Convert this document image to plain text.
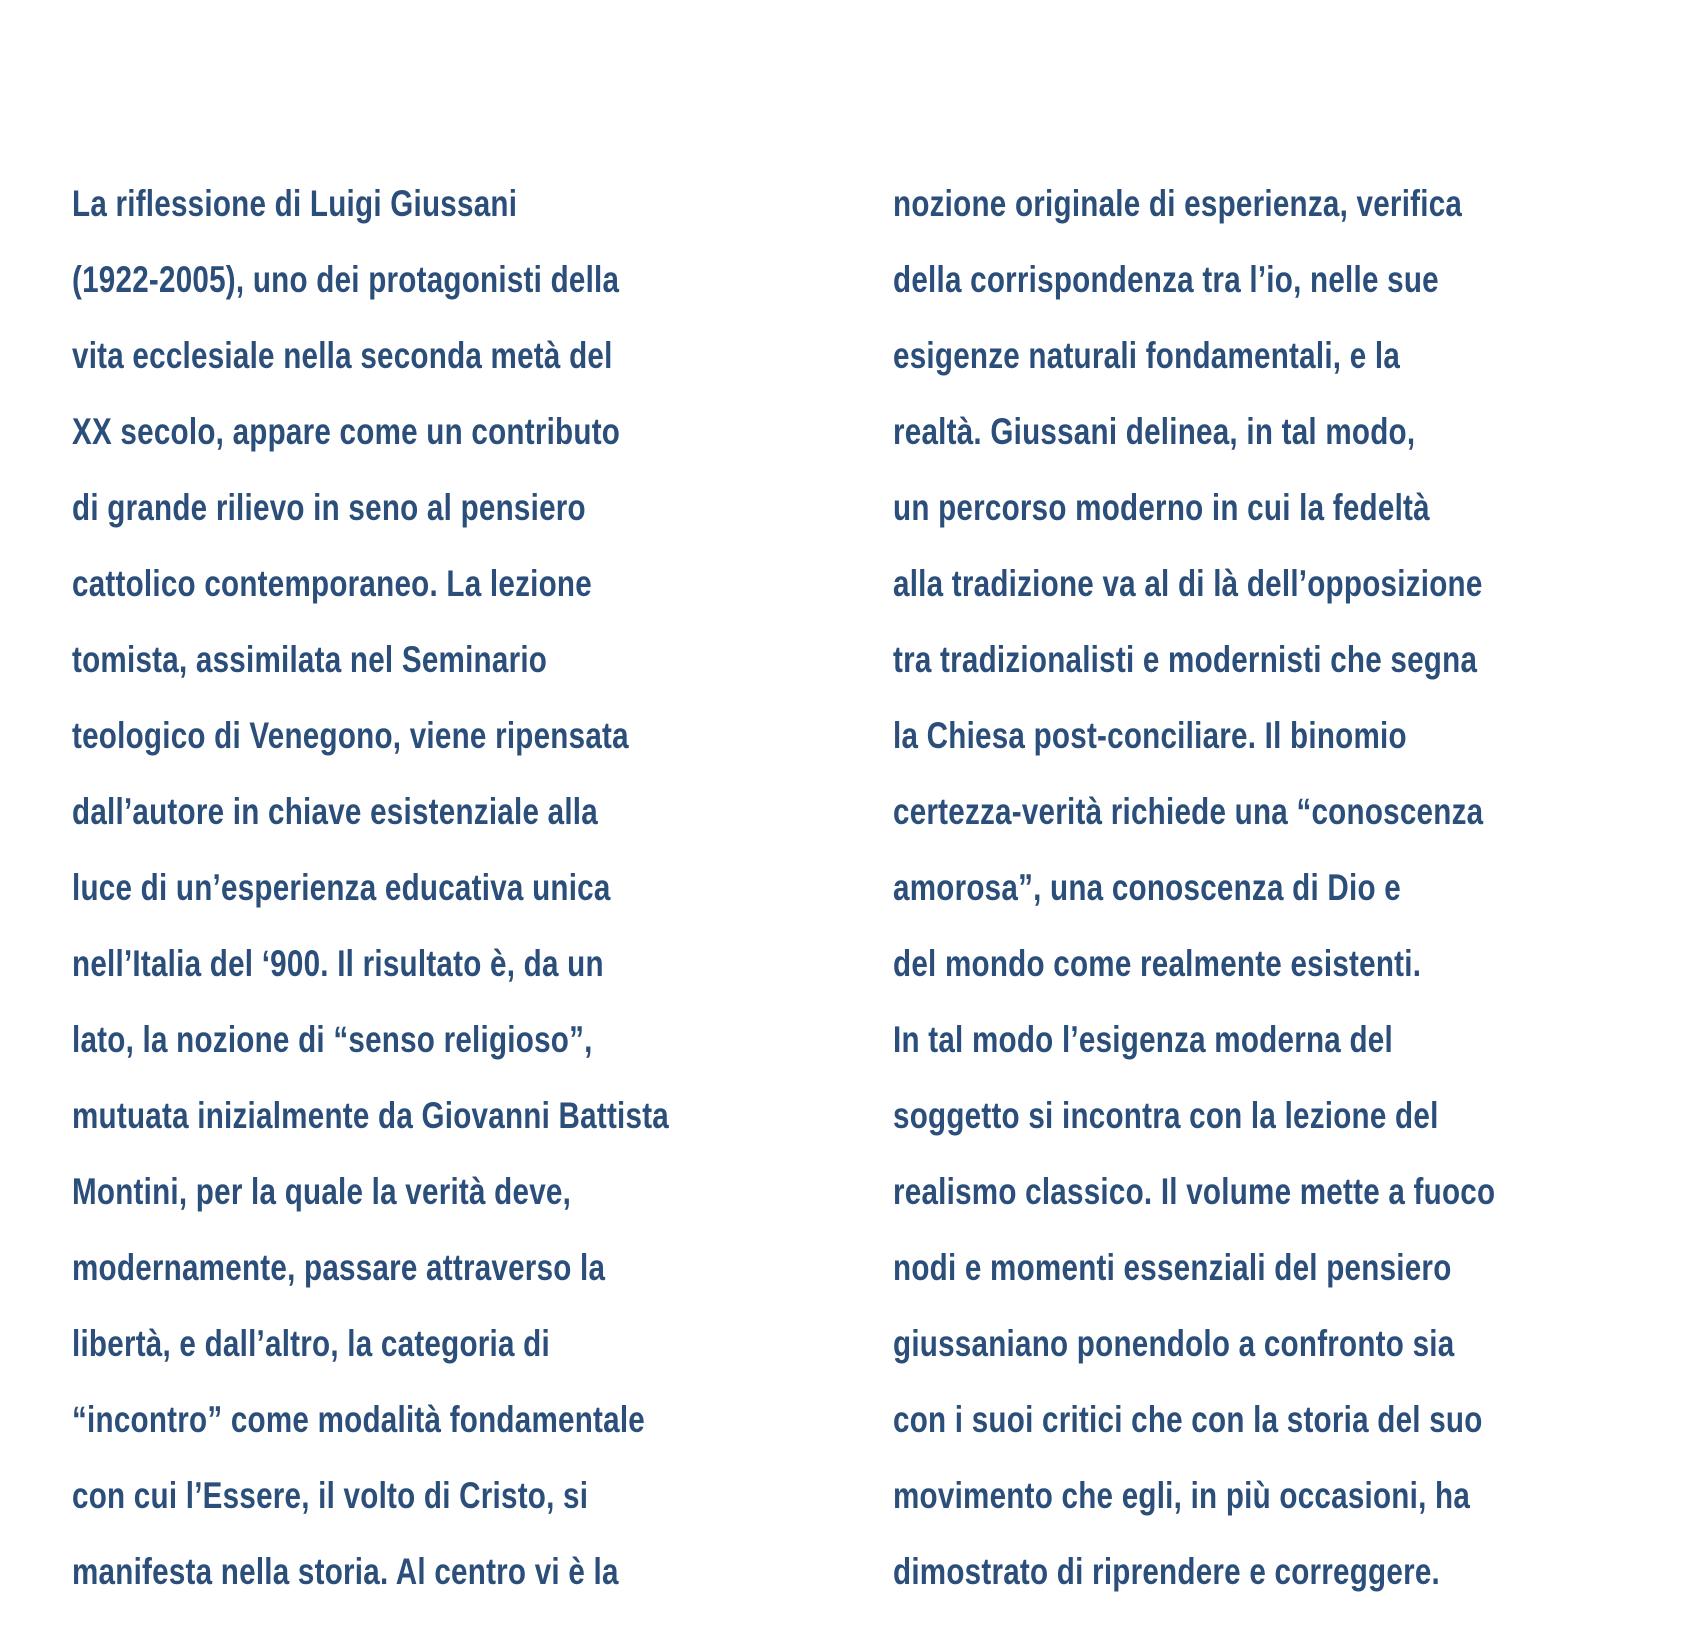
La riflessione di Luigi Giussani
(1922-2005), uno dei protagonisti della
vita ecclesiale nella seconda metà del
XX secolo, appare come un contributo
di grande rilievo in seno al pensiero
cattolico contemporaneo. La lezione
tomista, assimilata nel Seminario
teologico di Venegono, viene ripensata
dall’autore in chiave esistenziale alla
luce di un’esperienza educativa unica
nell’Italia del ‘900. Il risultato è, da un
lato, la nozione di “senso religioso”,
mutuata inizialmente da Giovanni Battista
Montini, per la quale la verità deve,
modernamente, passare attraverso la
libertà, e dall’altro, la categoria di
“incontro” come modalità fondamentale
con cui l’Essere, il volto di Cristo, si
manifesta nella storia. Al centro vi è la
nozione originale di esperienza, verifica
della corrispondenza tra l’io, nelle sue
esigenze naturali fondamentali, e la
realtà. Giussani delinea, in tal modo,
un percorso moderno in cui la fedeltà
alla tradizione va al di là dell’opposizione
tra tradizionalisti e modernisti che segna
la Chiesa post-conciliare. Il binomio
certezza-verità richiede una “conoscenza
amorosa”, una conoscenza di Dio e
del mondo come realmente esistenti.
In tal modo l’esigenza moderna del
soggetto si incontra con la lezione del
realismo classico. Il volume mette a fuoco
nodi e momenti essenziali del pensiero
giussaniano ponendolo a confronto sia
con i suoi critici che con la storia del suo
movimento che egli, in più occasioni, ha
dimostrato di riprendere e correggere.
